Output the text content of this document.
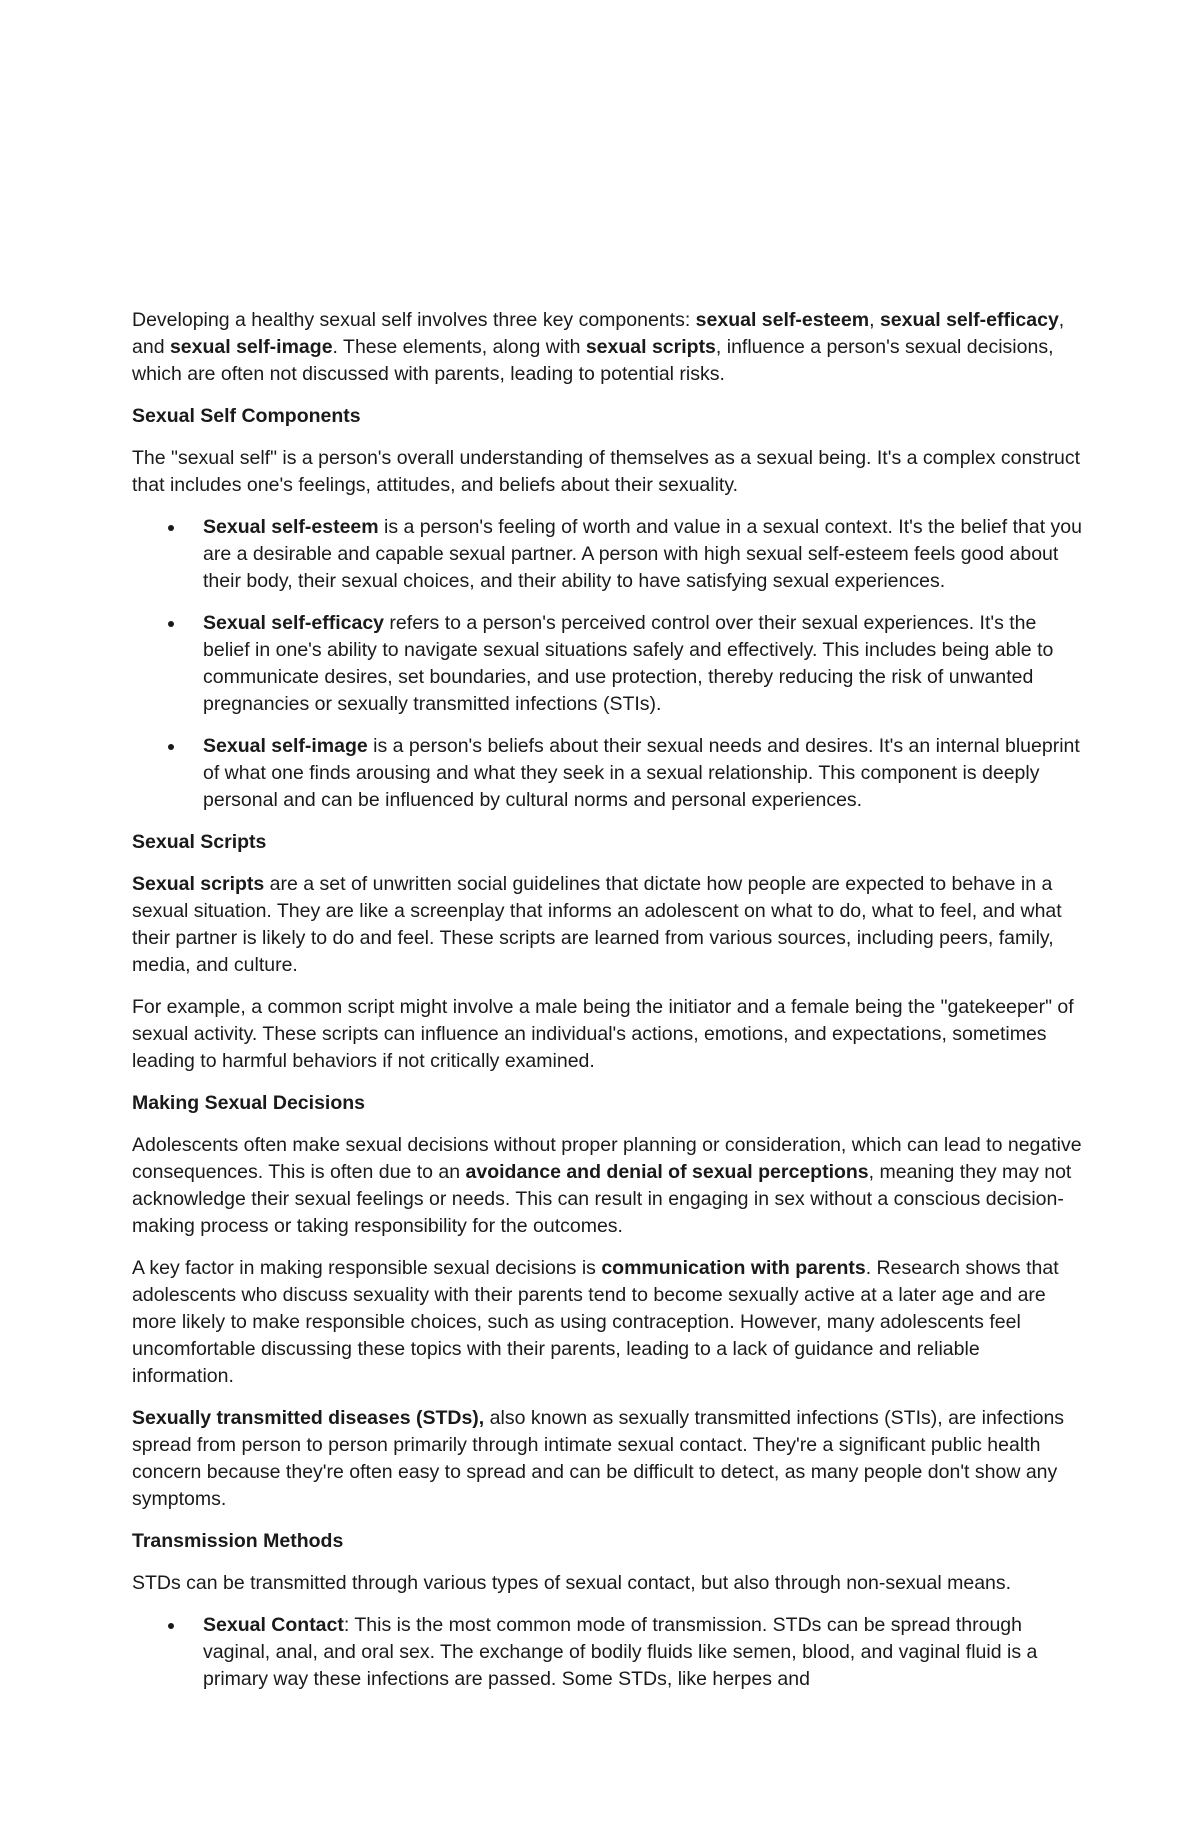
Developing a healthy sexual self involves three key components: sexual self-esteem, sexual self-efficacy, and sexual self-image. These elements, along with sexual scripts, influence a person's sexual decisions, which are often not discussed with parents, leading to potential risks.

Sexual Self Components

The "sexual self" is a person's overall understanding of themselves as a sexual being. It's a complex construct that includes one's feelings, attitudes, and beliefs about their sexuality.

Sexual self-esteem is a person's feeling of worth and value in a sexual context. It's the belief that you are a desirable and capable sexual partner. A person with high sexual self-esteem feels good about their body, their sexual choices, and their ability to have satisfying sexual experiences.
Sexual self-efficacy refers to a person's perceived control over their sexual experiences. It's the belief in one's ability to navigate sexual situations safely and effectively. This includes being able to communicate desires, set boundaries, and use protection, thereby reducing the risk of unwanted pregnancies or sexually transmitted infections (STIs).
Sexual self-image is a person's beliefs about their sexual needs and desires. It's an internal blueprint of what one finds arousing and what they seek in a sexual relationship. This component is deeply personal and can be influenced by cultural norms and personal experiences.
Sexual Scripts

Sexual scripts are a set of unwritten social guidelines that dictate how people are expected to behave in a sexual situation. They are like a screenplay that informs an adolescent on what to do, what to feel, and what their partner is likely to do and feel. These scripts are learned from various sources, including peers, family, media, and culture.

For example, a common script might involve a male being the initiator and a female being the "gatekeeper" of sexual activity. These scripts can influence an individual's actions, emotions, and expectations, sometimes leading to harmful behaviors if not critically examined.

Making Sexual Decisions

Adolescents often make sexual decisions without proper planning or consideration, which can lead to negative consequences. This is often due to an avoidance and denial of sexual perceptions, meaning they may not acknowledge their sexual feelings or needs. This can result in engaging in sex without a conscious decision-making process or taking responsibility for the outcomes.

A key factor in making responsible sexual decisions is communication with parents. Research shows that adolescents who discuss sexuality with their parents tend to become sexually active at a later age and are more likely to make responsible choices, such as using contraception. However, many adolescents feel uncomfortable discussing these topics with their parents, leading to a lack of guidance and reliable information.

Sexually transmitted diseases (STDs), also known as sexually transmitted infections (STIs), are infections spread from person to person primarily through intimate sexual contact. They're a significant public health concern because they're often easy to spread and can be difficult to detect, as many people don't show any symptoms.

Transmission Methods

STDs can be transmitted through various types of sexual contact, but also through non-sexual means.

Sexual Contact: This is the most common mode of transmission. STDs can be spread through vaginal, anal, and oral sex. The exchange of bodily fluids like semen, blood, and vaginal fluid is a primary way these infections are passed. Some STDs, like herpes and
